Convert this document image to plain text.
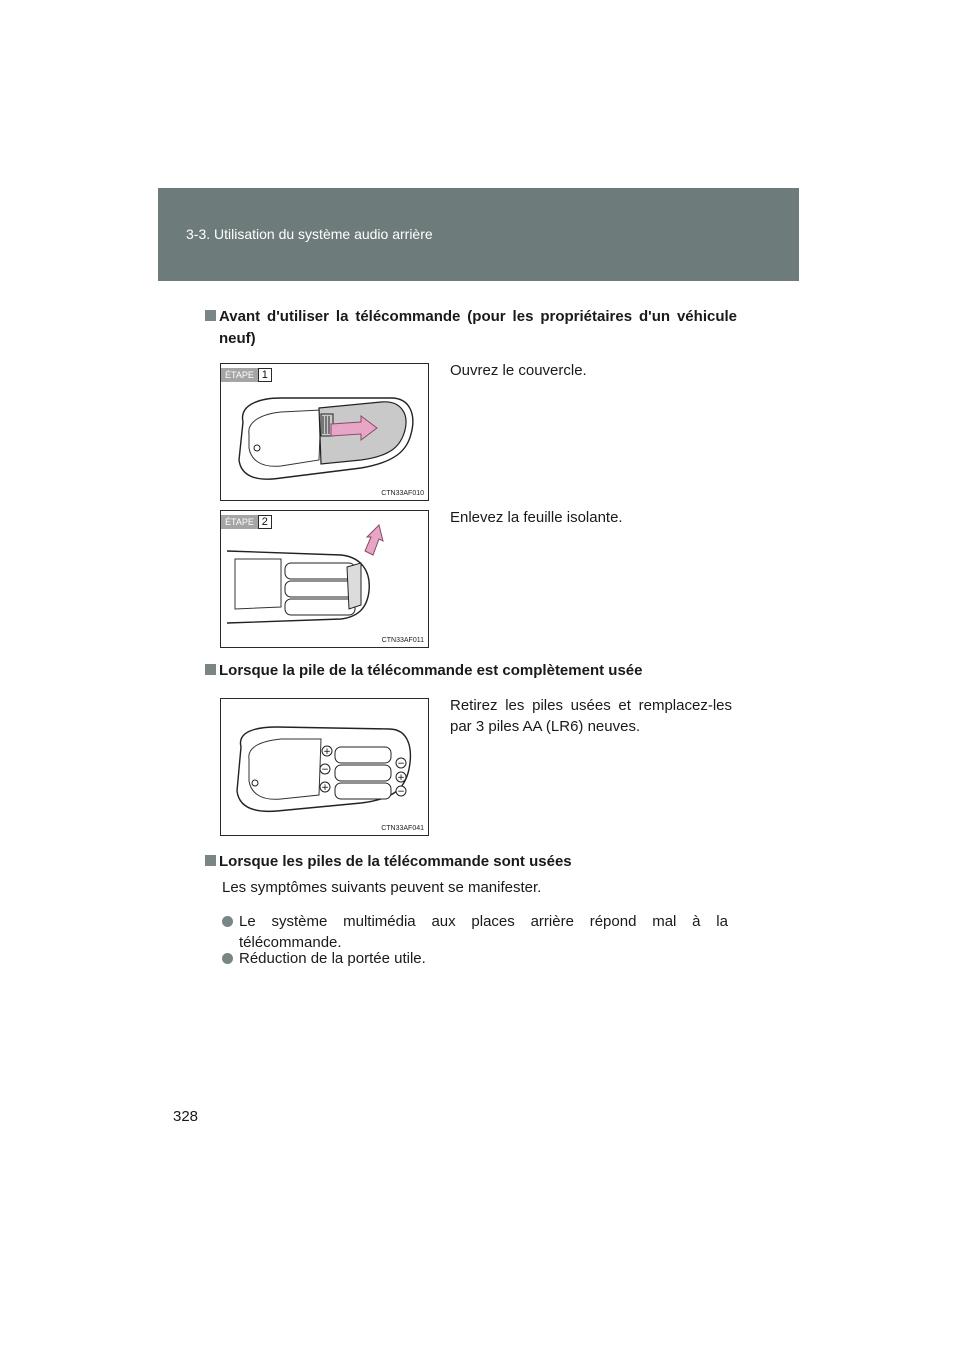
3-3. Utilisation du système audio arrière
Avant d'utiliser la télécommande (pour les propriétaires d'un véhicule neuf)
ÉTAPE 1
CTN33AF010
Ouvrez le couvercle.
ÉTAPE 2
CTN33AF011
Enlevez la feuille isolante.
Lorsque la pile de la télécommande est complètement usée
Retirez les piles usées et remplacez-les par 3 piles AA (LR6) neuves.
+
−
+
−
+
−
CTN33AF041
Lorsque les piles de la télécommande sont usées
Les symptômes suivants peuvent se manifester.
Le système multimédia aux places arrière répond mal à la télécommande.
Réduction de la portée utile.
328
